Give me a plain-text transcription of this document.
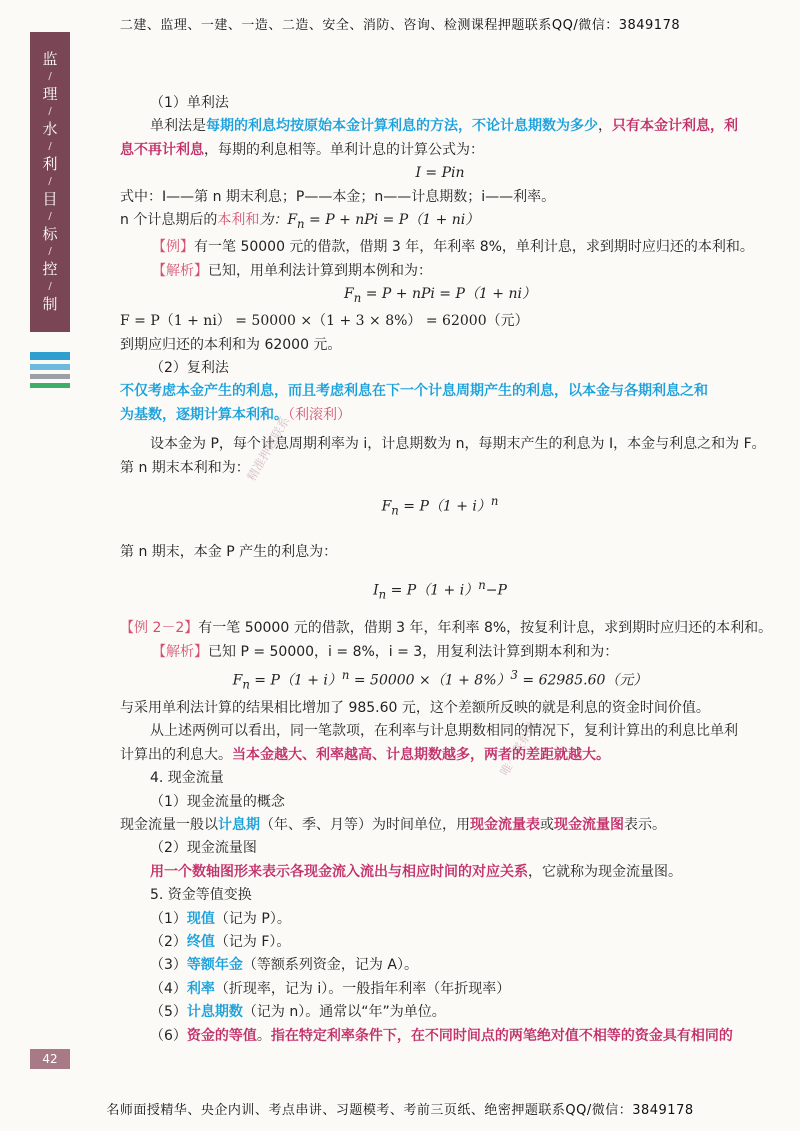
二建、监理、一建、一造、二造、安全、消防、咨询、检测课程押题联系QQ/微信：3849178
监
/
理
/
水
/
利
/
目
/
标
/
控
/
制
精准押题联系
唯一联系微
（1）单利法
单利法是每期的利息均按原始本金计算利息的方法，不论计息期数为多少，只有本金计利息，利
息不再计利息，每期的利息相等。单利计息的计算公式为：
I = Pin
式中：I——第 n 期末利息；P——本金；n——计息期数；i——利率。
n 个计息期后的本利和为：$F_n = P$ + nPi = P（1 + ni）
【例】有一笔 50000 元的借款，借期 3 年，年利率 8%，单利计息，求到期时应归还的本利和。
【解析】已知，用单利法计算到期本例和为：
$F_n = P$ + nPi = P（1 + ni）
F = P（1 + ni） = 50000 ×（1 + 3 × 8%） = 62000（元）
到期应归还的本利和为 62000 元。
（2）复利法
不仅考虑本金产生的利息，而且考虑利息在下一个计息周期产生的利息，以本金与各期利息之和
为基数，逐期计算本利和。（利滚利）
设本金为 P，每个计息周期利率为 i，计息期数为 n，每期末产生的利息为 I，本金与利息之和为 F。
第 n 期末本利和为：
$F_n = P(1 + i)^n$
第 n 期末，本金 P 产生的利息为：
$I_n = P(1 + i)^n-P$
【例 2－2】有一笔 50000 元的借款，借期 3 年，年利率 8%，按复利计息，求到期时应归还的本利和。
【解析】已知 P = 50000，i = 8%，i = 3，用复利法计算到期本利和为：
$F_n = P(1 + i)^n = 50000 \times(1 + 8\%)^3 = 62985.60$（元）
与采用单利法计算的结果相比增加了 985.60 元，这个差额所反映的就是利息的资金时间价值。
从上述两例可以看出，同一笔款项，在利率与计息期数相同的情况下，复利计算出的利息比单利
计算出的利息大。当本金越大、利率越高、计息期数越多，两者的差距就越大。
4. 现金流量
（1）现金流量的概念
现金流量一般以计息期（年、季、月等）为时间单位，用现金流量表或现金流量图表示。
（2）现金流量图
用一个数轴图形来表示各现金流入流出与相应时间的对应关系，它就称为现金流量图。
5. 资金等值变换
（1）现值（记为 P）。
（2）终值（记为 F）。
（3）等额年金（等额系列资金，记为 A）。
（4）利率（折现率，记为 i）。一般指年利率（年折现率）
（5）计息期数（记为 n）。通常以“年”为单位。
（6）资金的等值。指在特定利率条件下，在不同时间点的两笔绝对值不相等的资金具有相同的
42
名师面授精华、央企内训、考点串讲、习题模考、考前三页纸、绝密押题联系QQ/微信：3849178
